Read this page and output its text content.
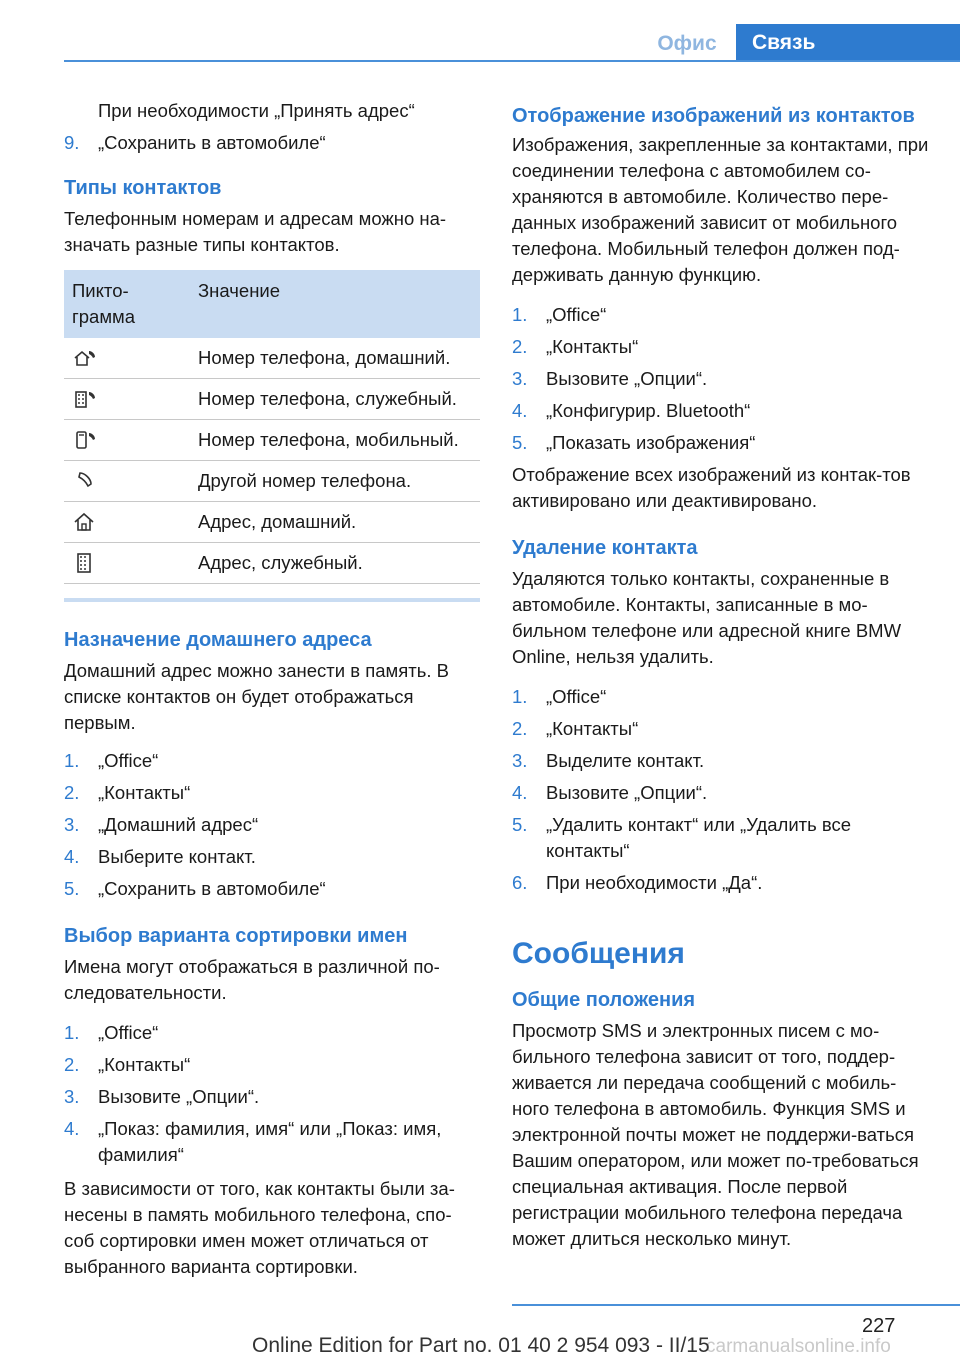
Офис	Связь

При необходимости „Принять адрес“

9. „Сохранить в автомобиле“
Типы контактов

Телефонным номерам и адресам можно на-значать разные типы контактов.

Пикто-грамма	Значение

	Номер телефона, домашний.

	Номер телефона, служебный.

	Номер телефона, мобильный.

	Другой номер телефона.

	Адрес, домашний.

	Адрес, служебный.
Назначение домашнего адреса

Домашний адрес можно занести в память. В списке контактов он будет отображаться первым.

1. „Office“
2. „Контакты“
3. „Домашний адрес“
4. Выберите контакт.
5. „Сохранить в автомобиле“
Выбор варианта сортировки имен

Имена могут отображаться в различной по-следовательности.

1. „Office“
2. „Контакты“
3. Вызовите „Опции“.
4. „Показ: фамилия, имя“ или „Показ: имя, фамилия“

В зависимости от того, как контакты были за-несены в память мобильного телефона, спо-соб сортировки имен может отличаться от выбранного варианта сортировки.

Отображение изображений из контактов

Изображения, закрепленные за контактами, при соединении телефона с автомобилем со-храняются в автомобиле. Количество пере-данных изображений зависит от мобильного телефона. Мобильный телефон должен под-держивать данную функцию.

1. „Office“
2. „Контакты“
3. Вызовите „Опции“.
4. „Конфигурир. Bluetooth“
5. „Показать изображения“

Отображение всех изображений из контак-тов активировано или деактивировано.

Удаление контакта

Удаляются только контакты, сохраненные в автомобиле. Контакты, записанные в мо-бильном телефоне или адресной книге BMW Online, нельзя удалить.

1. „Office“
2. „Контакты“
3. Выделите контакт.
4. Вызовите „Опции“.
5. „Удалить контакт“ или „Удалить все контакты“
6. При необходимости „Да“.
Сообщения
Общие положения

Просмотр SMS и электронных писем с мо-бильного телефона зависит от того, поддер-живается ли передача сообщений с мобиль-ного телефона в автомобиль. Функция SMS и электронной почты может не поддержи-ваться Вашим оператором, или может по-требоваться специальная активация. После первой регистрации мобильного телефона передача может длиться несколько минут.

227
carmanualsonline.info
Online Edition for Part no. 01 40 2 954 093 - II/15
